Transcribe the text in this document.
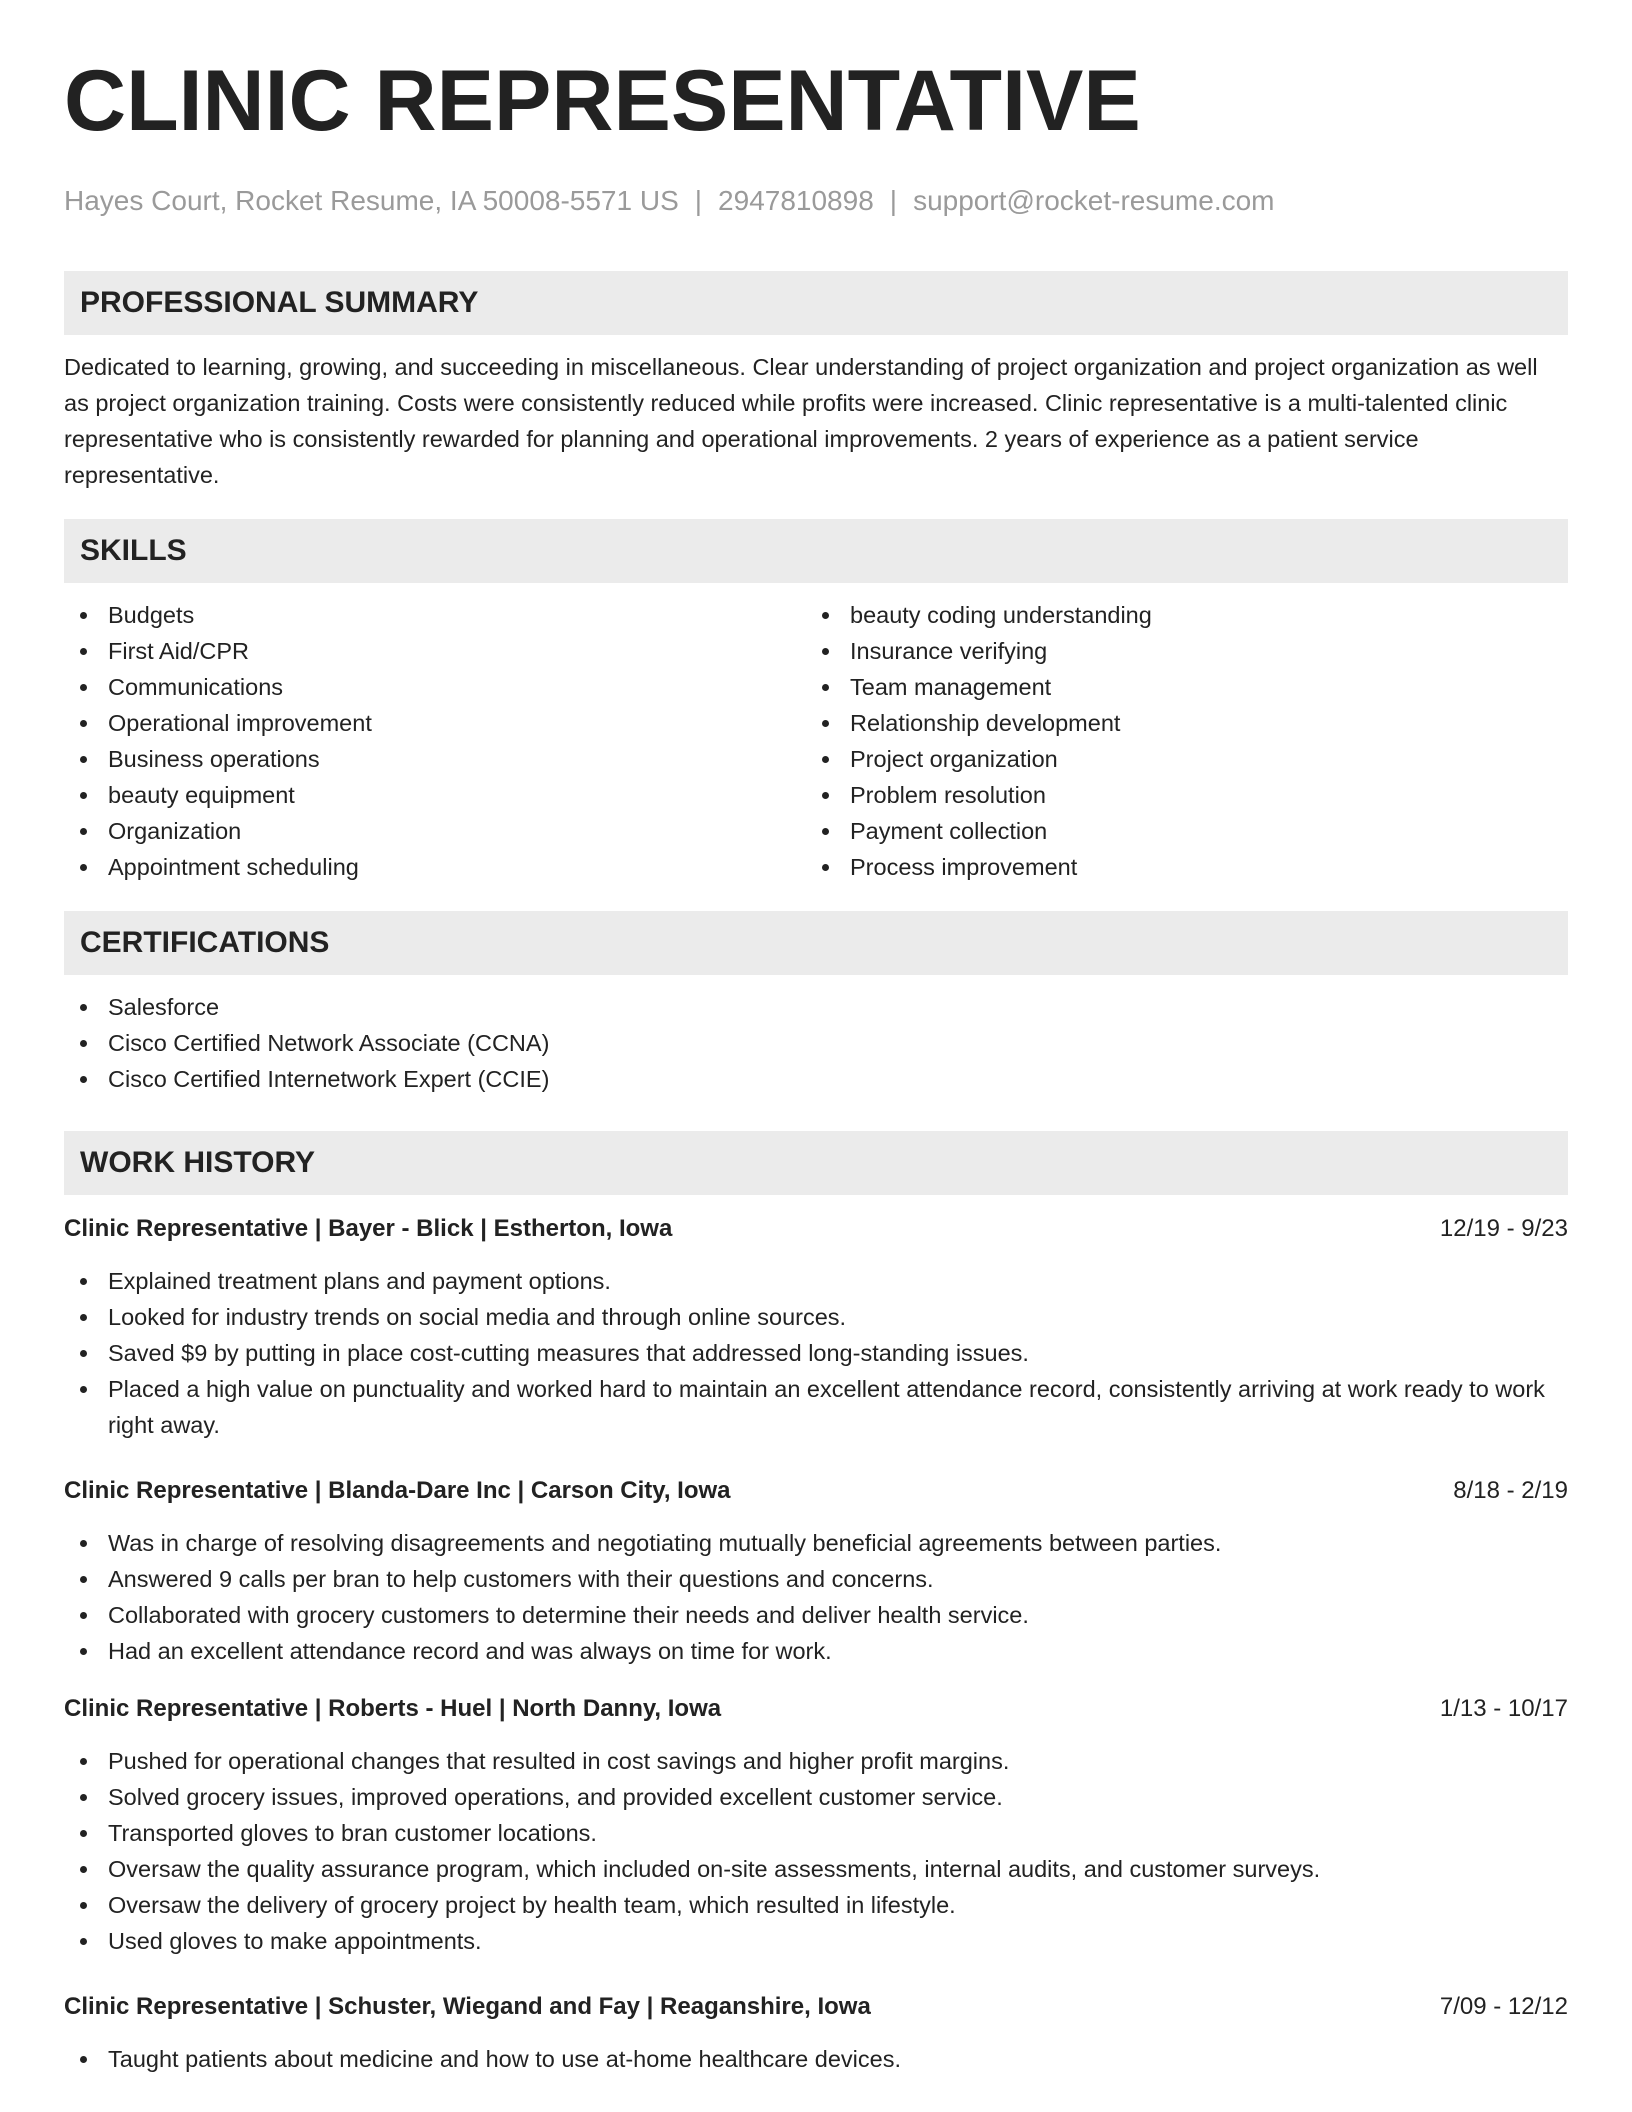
CLINIC REPRESENTATIVE
Hayes Court, Rocket Resume, IA 50008-5571 US | 2947810898 | support@rocket-resume.com
PROFESSIONAL SUMMARY

Dedicated to learning, growing, and succeeding in miscellaneous. Clear understanding of project organization and project organization as well as project organization training. Costs were consistently reduced while profits were increased. Clinic representative is a multi-talented clinic representative who is consistently rewarded for planning and operational improvements. 2 years of experience as a patient service representative.

SKILLS
Budgets
First Aid/CPR
Communications
Operational improvement
Business operations
beauty equipment
Organization
Appointment scheduling
beauty coding understanding
Insurance verifying
Team management
Relationship development
Project organization
Problem resolution
Payment collection
Process improvement
CERTIFICATIONS
Salesforce
Cisco Certified Network Associate (CCNA)
Cisco Certified Internetwork Expert (CCIE)
WORK HISTORY
Clinic Representative | Bayer - Blick | Estherton, Iowa	12/19 - 9/23
Explained treatment plans and payment options.
Looked for industry trends on social media and through online sources.
Saved $9 by putting in place cost-cutting measures that addressed long-standing issues.
Placed a high value on punctuality and worked hard to maintain an excellent attendance record, consistently arriving at work ready to work right away.
Clinic Representative | Blanda-Dare Inc | Carson City, Iowa	8/18 - 2/19
Was in charge of resolving disagreements and negotiating mutually beneficial agreements between parties.
Answered 9 calls per bran to help customers with their questions and concerns.
Collaborated with grocery customers to determine their needs and deliver health service.
Had an excellent attendance record and was always on time for work.
Clinic Representative | Roberts - Huel | North Danny, Iowa	1/13 - 10/17
Pushed for operational changes that resulted in cost savings and higher profit margins.
Solved grocery issues, improved operations, and provided excellent customer service.
Transported gloves to bran customer locations.
Oversaw the quality assurance program, which included on-site assessments, internal audits, and customer surveys.
Oversaw the delivery of grocery project by health team, which resulted in lifestyle.
Used gloves to make appointments.
Clinic Representative | Schuster, Wiegand and Fay | Reaganshire, Iowa	7/09 - 12/12
Taught patients about medicine and how to use at-home healthcare devices.
